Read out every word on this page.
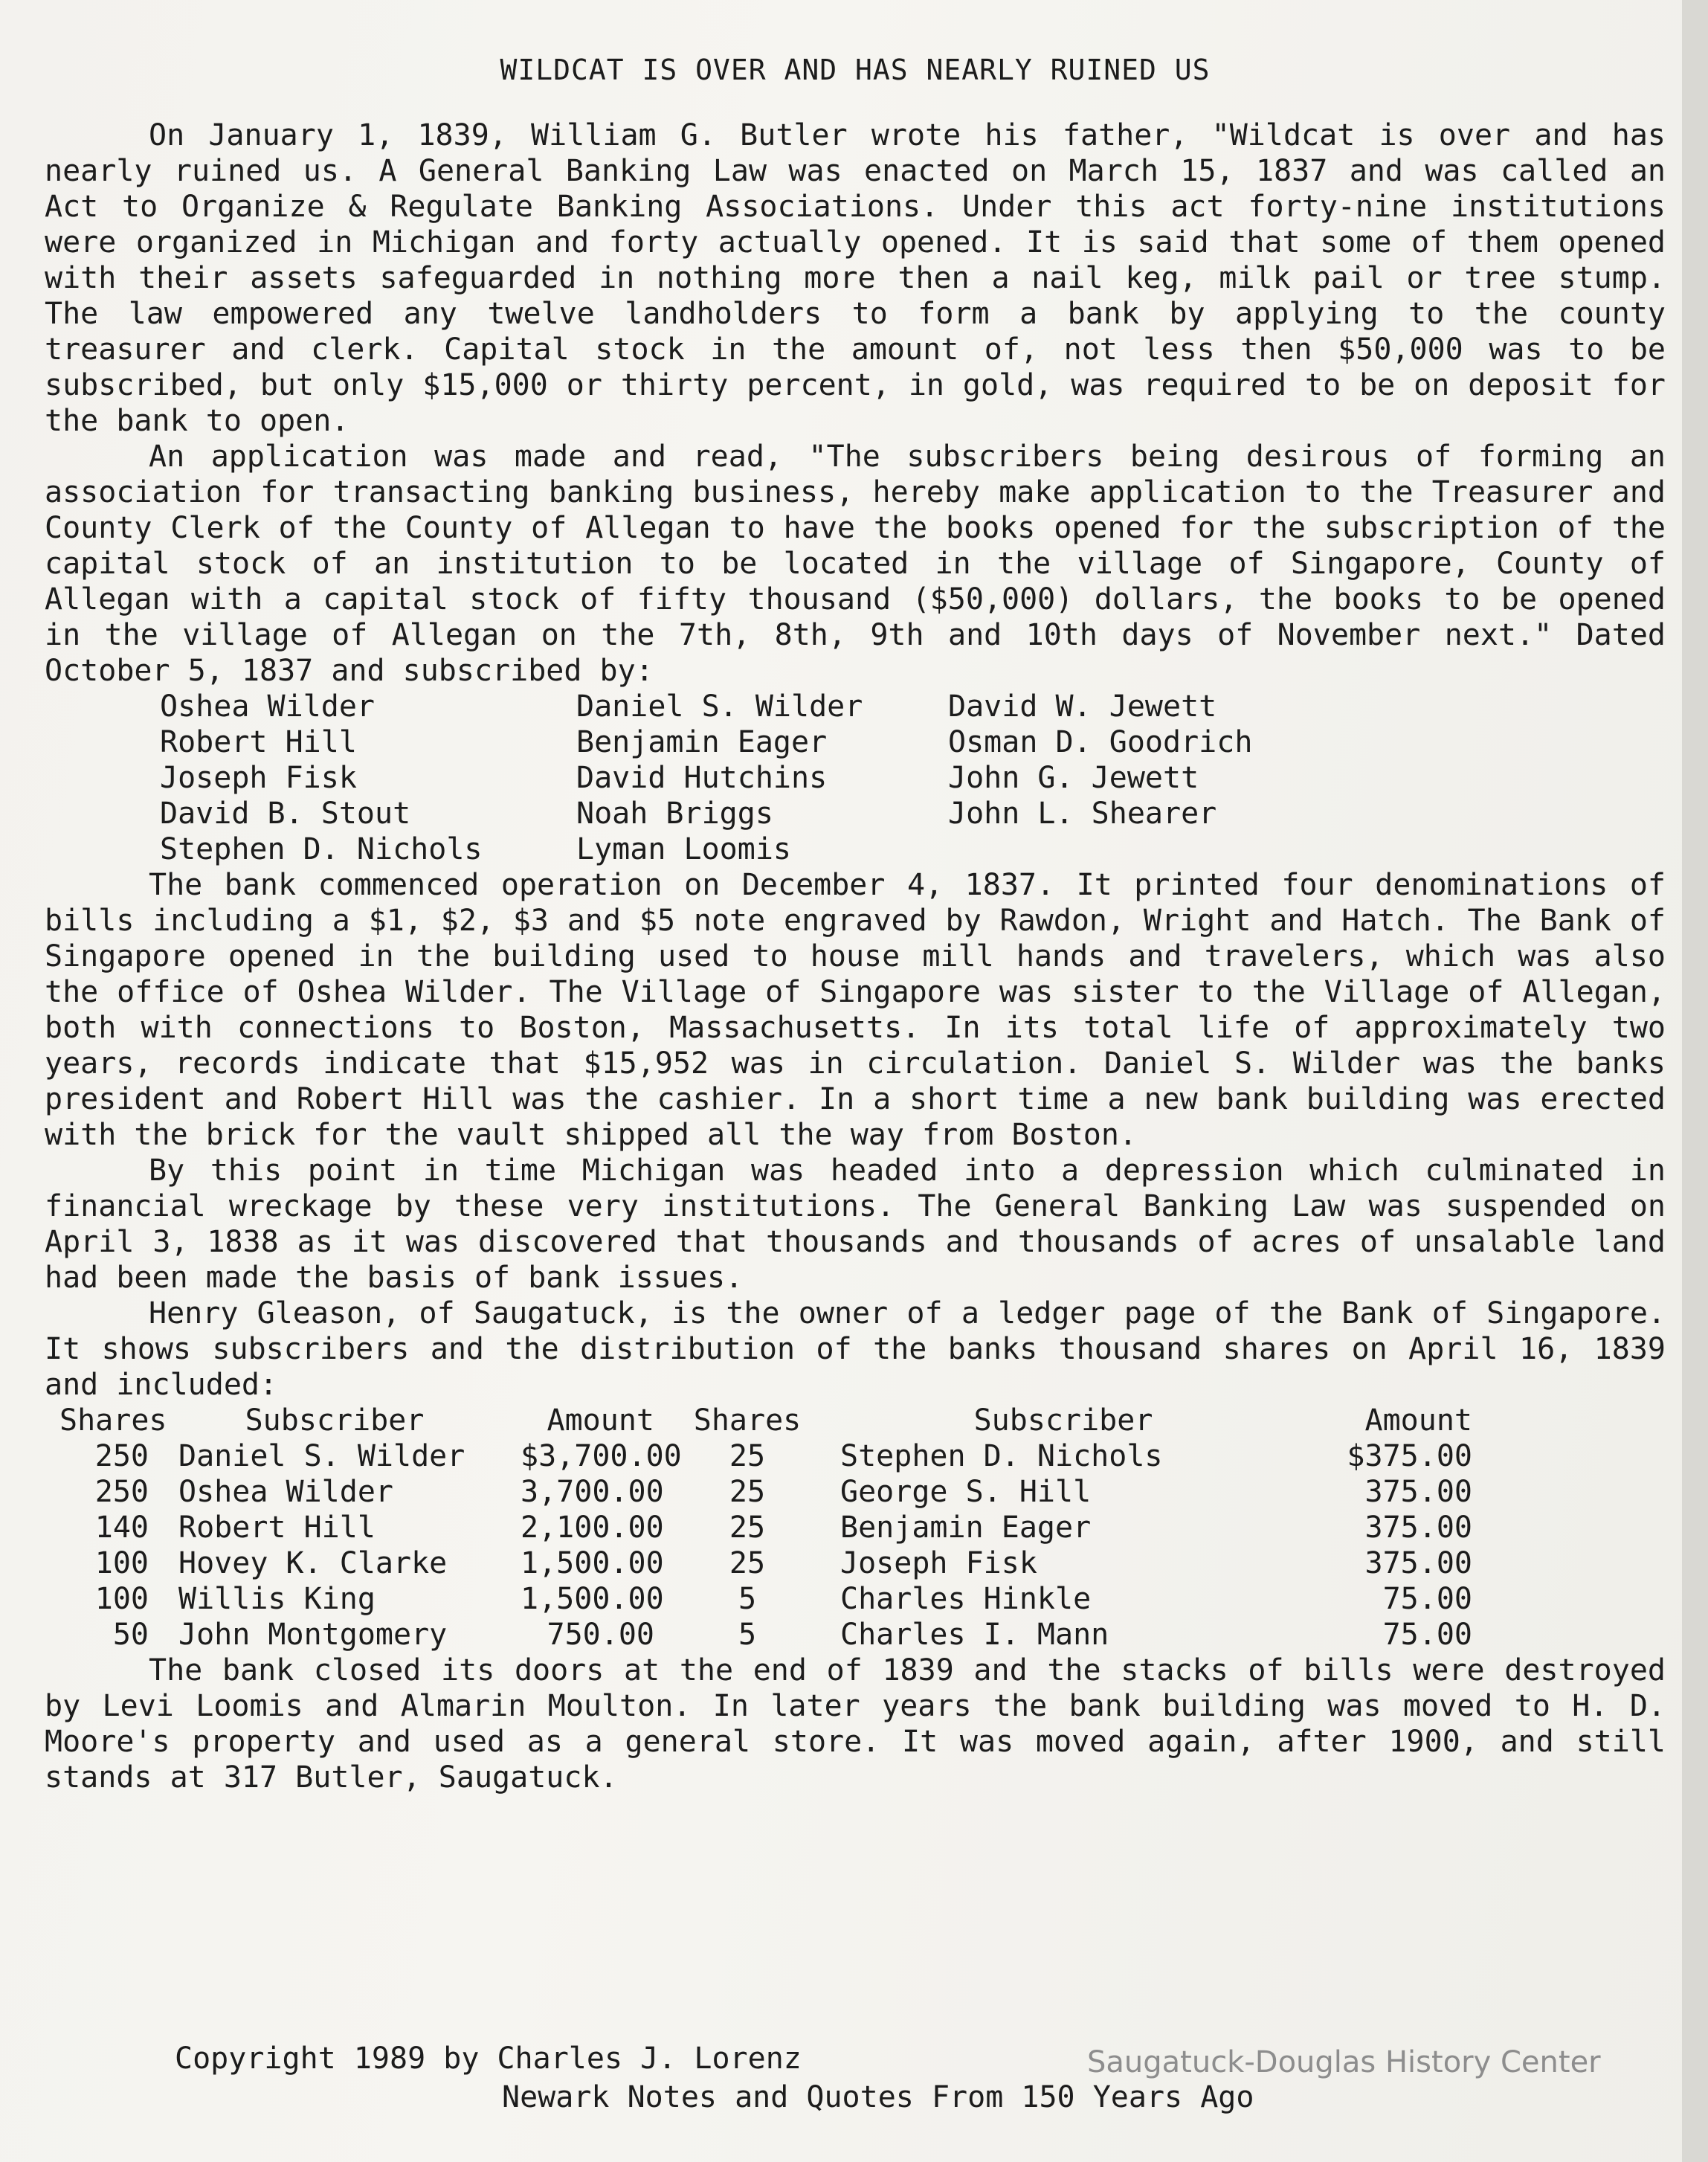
WILDCAT IS OVER AND HAS NEARLY RUINED US

On January 1, 1839, William G. Butler wrote his father, "Wildcat is over and has nearly ruined us. A General Banking Law was enacted on March 15, 1837 and was called an Act to Organize & Regulate Banking Associations. Under this act forty-nine institutions were organized in Michigan and forty actually opened. It is said that some of them opened with their assets safeguarded in nothing more then a nail keg, milk pail or tree stump. The law empowered any twelve landholders to form a bank by applying to the county treasurer and clerk. Capital stock in the amount of, not less then $50,000 was to be subscribed, but only $15,000 or thirty percent, in gold, was required to be on deposit for the bank to open.

An application was made and read, "The subscribers being desirous of forming an association for transacting banking business, hereby make application to the Treasurer and County Clerk of the County of Allegan to have the books opened for the subscription of the capital stock of an institution to be located in the village of Singapore, County of Allegan with a capital stock of fifty thousand ($50,000) dollars, the books to be opened in the village of Allegan on the 7th, 8th, 9th and 10th days of November next." Dated October 5, 1837 and subscribed by:

Oshea Wilder	Daniel S. Wilder	David W. Jewett
Robert Hill	Benjamin Eager	Osman D. Goodrich
Joseph Fisk	David Hutchins	John G. Jewett
David B. Stout	Noah Briggs	John L. Shearer
Stephen D. Nichols	Lyman Loomis

The bank commenced operation on December 4, 1837. It printed four denominations of bills including a $1, $2, $3 and $5 note engraved by Rawdon, Wright and Hatch. The Bank of Singapore opened in the building used to house mill hands and travelers, which was also the office of Oshea Wilder. The Village of Singapore was sister to the Village of Allegan, both with connections to Boston, Massachusetts. In its total life of approximately two years, records indicate that $15,952 was in circulation. Daniel S. Wilder was the banks president and Robert Hill was the cashier. In a short time a new bank building was erected with the brick for the vault shipped all the way from Boston.

By this point in time Michigan was headed into a depression which culminated in financial wreckage by these very institutions. The General Banking Law was suspended on April 3, 1838 as it was discovered that thousands and thousands of acres of unsalable land had been made the basis of bank issues.

Henry Gleason, of Saugatuck, is the owner of a ledger page of the Bank of Singapore. It shows subscribers and the distribution of the banks thousand shares on April 16, 1839 and included:

Shares	Subscriber	Amount	Shares	Subscriber	Amount
250	Daniel S. Wilder	$3,700.00	25	Stephen D. Nichols	$375.00
250	Oshea Wilder	3,700.00	25	George S. Hill	375.00
140	Robert Hill	2,100.00	25	Benjamin Eager	375.00
100	Hovey K. Clarke	1,500.00	25	Joseph Fisk	375.00
100	Willis King	1,500.00	5	Charles Hinkle	75.00
50	John Montgomery	750.00	5	Charles I. Mann	75.00

The bank closed its doors at the end of 1839 and the stacks of bills were destroyed by Levi Loomis and Almarin Moulton. In later years the bank building was moved to H. D. Moore's property and used as a general store. It was moved again, after 1900, and still stands at 317 Butler, Saugatuck.

Copyright 1989 by Charles J. Lorenz
Newark Notes and Quotes From 150 Years Ago
Saugatuck-Douglas History Center
